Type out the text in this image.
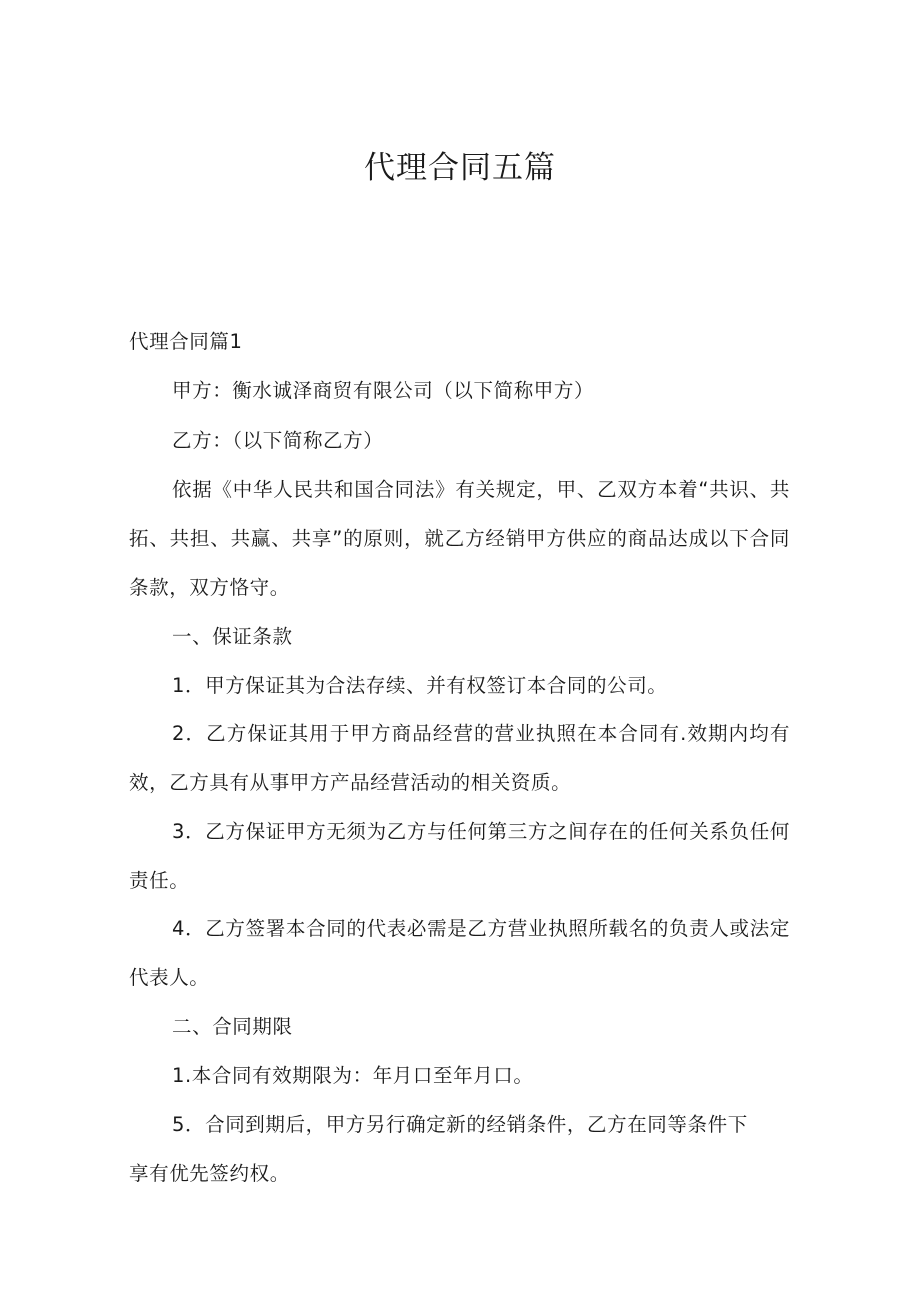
代理合同五篇
代理合同篇1
甲方：衡水诚泽商贸有限公司（以下简称甲方）
乙方：（以下简称乙方）
依据《中华人民共和国合同法》有关规定，甲、乙双方本着“共识、共
拓、共担、共赢、共享”的原则，就乙方经销甲方供应的商品达成以下合同
条款，双方恪守。
一、保证条款
1．甲方保证其为合法存续、并有权签订本合同的公司。
2．乙方保证其用于甲方商品经营的营业执照在本合同有.效期内均有
效，乙方具有从事甲方产品经营活动的相关资质。
3．乙方保证甲方无须为乙方与任何第三方之间存在的任何关系负任何
责任。
4．乙方签署本合同的代表必需是乙方营业执照所载名的负责人或法定
代表人。
二、合同期限
1.本合同有效期限为：年月口至年月口。
5．合同到期后，甲方另行确定新的经销条件，乙方在同等条件下
享有优先签约权。
